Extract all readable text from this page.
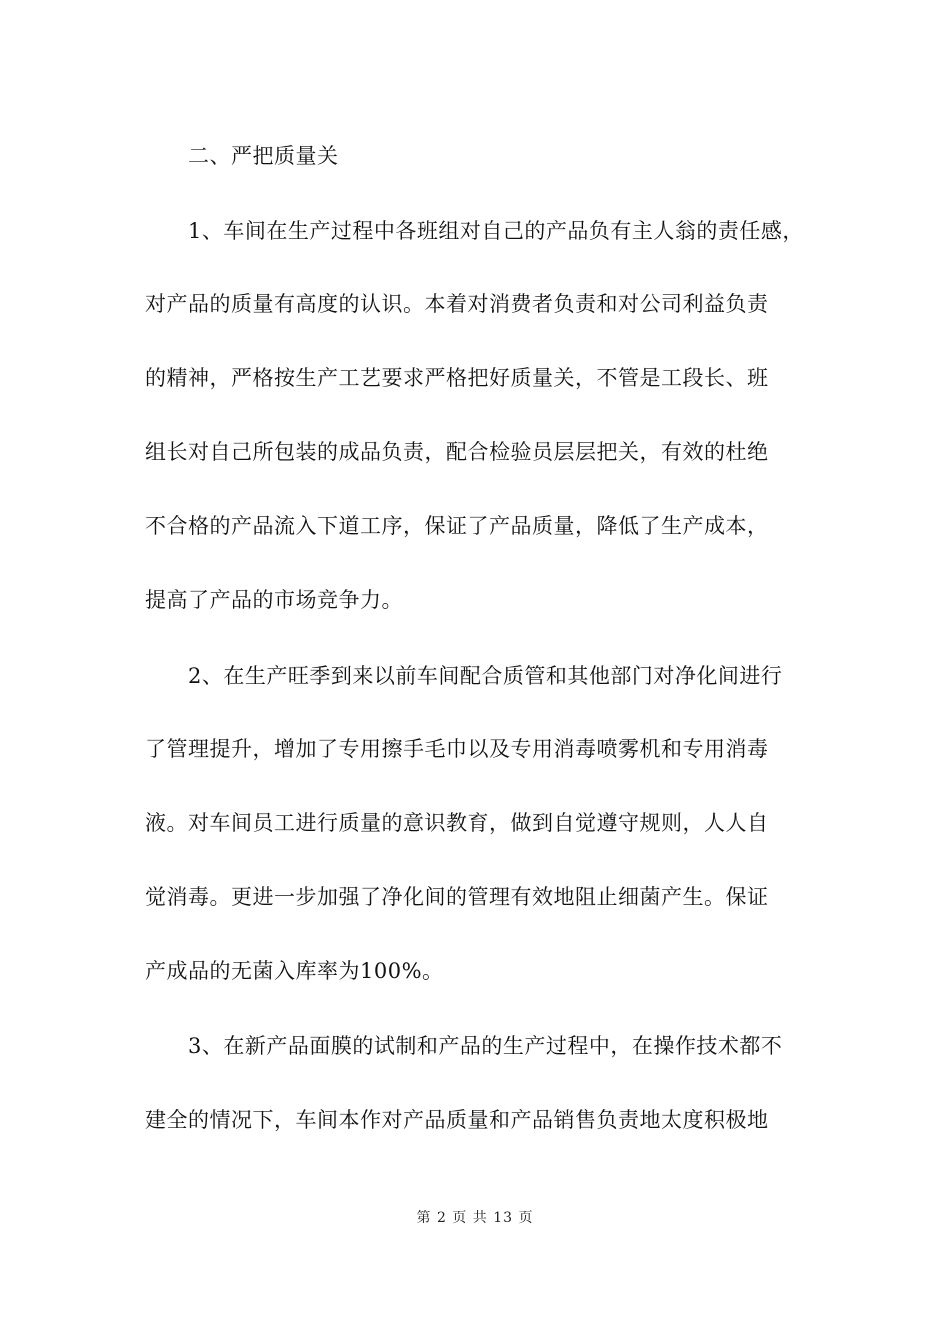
二、严把质量关
1、车间在生产过程中各班组对自己的产品负有主人翁的责任感，
对产品的质量有高度的认识。本着对消费者负责和对公司利益负责
的精神，严格按生产工艺要求严格把好质量关，不管是工段长、班
组长对自己所包装的成品负责，配合检验员层层把关，有效的杜绝
不合格的产品流入下道工序，保证了产品质量，降低了生产成本，
提高了产品的市场竞争力。
2、在生产旺季到来以前车间配合质管和其他部门对净化间进行
了管理提升，增加了专用擦手毛巾以及专用消毒喷雾机和专用消毒
液。对车间员工进行质量的意识教育，做到自觉遵守规则，人人自
觉消毒。更进一步加强了净化间的管理有效地阻止细菌产生。保证
产成品的无菌入库率为100%。
3、在新产品面膜的试制和产品的生产过程中，在操作技术都不
建全的情况下，车间本作对产品质量和产品销售负责地太度积极地
第 2 页 共 13 页
